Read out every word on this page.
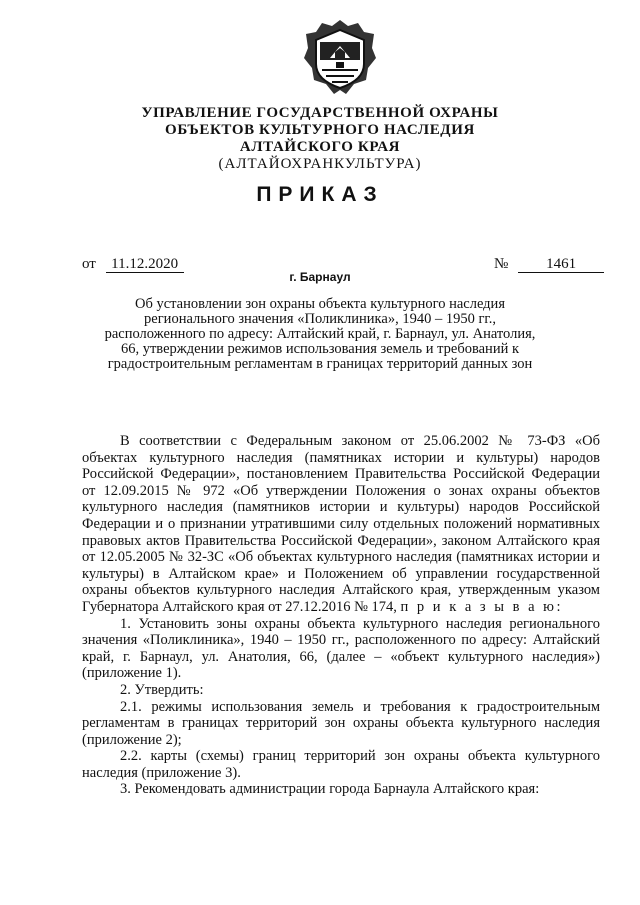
УПРАВЛЕНИЕ ГОСУДАРСТВЕННОЙ ОХРАНЫ
ОБЪЕКТОВ КУЛЬТУРНОГО НАСЛЕДИЯ
АЛТАЙСКОГО КРАЯ
(АЛТАЙОХРАНКУЛЬТУРА)
ПРИКАЗ
от 11.12.2020	№	1461
г. Барнаул
Об установлении зон охраны объекта культурного наследия регионального значения «Поликлиника», 1940 – 1950 гг., расположенного по адресу: Алтайский край, г. Барнаул, ул. Анатолия, 66, утверждении режимов использования земель и требований к градостроительным регламентам в границах территорий данных зон

В соответствии с Федеральным законом от 25.06.2002 № 73-ФЗ «Об объектах культурного наследия (памятниках истории и культуры) народов Российской Федерации», постановлением Правительства Российской Федерации от 12.09.2015 № 972 «Об утверждении Положения о зонах охраны объектов культурного наследия (памятников истории и культуры) народов Российской Федерации и о признании утратившими силу отдельных положений нормативных правовых актов Правительства Российской Федерации», законом Алтайского края от 12.05.2005 № 32-ЗС «Об объектах культурного наследия (памятниках истории и культуры) в Алтайском крае» и Положением об управлении государственной охраны объектов культурного наследия Алтайского края, утвержденным указом Губернатора Алтайского края от 27.12.2016 № 174, п р и к а з ы в а ю:

1. Установить зоны охраны объекта культурного наследия регионального значения «Поликлиника», 1940 – 1950 гг., расположенного по адресу: Алтайский край, г. Барнаул, ул. Анатолия, 66, (далее – «объект культурного наследия») (приложение 1).

2. Утвердить:

2.1. режимы использования земель и требования к градостроительным регламентам в границах территорий зон охраны объекта культурного наследия (приложение 2);

2.2. карты (схемы) границ территорий зон охраны объекта культурного наследия (приложение 3).

3. Рекомендовать администрации города Барнаула Алтайского края:
